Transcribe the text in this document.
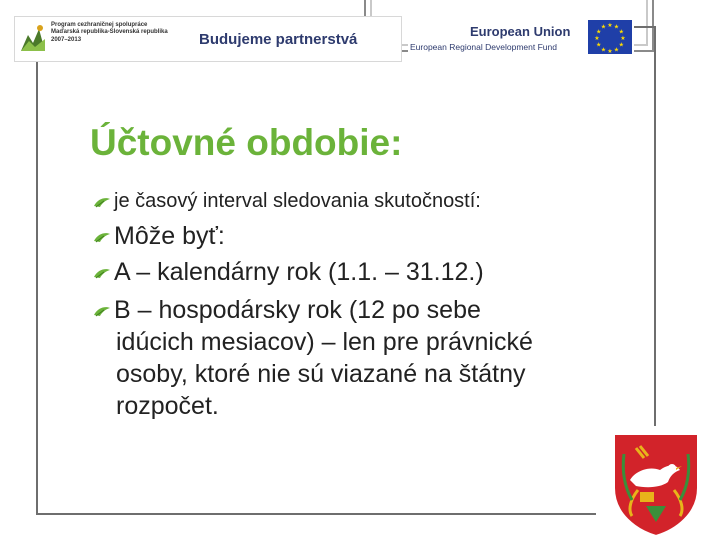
Program cezhraničnej spolupráce
Maďarská republika-Slovenská republika
2007–2013	Budujeme partnerstvá	European Union
European Regional Development Fund
★ ★
★
★
★
★
★
★
★
★
★
★
Účtovné obdobie:
je časový interval sledovania skutočností:
Môže byť:
A – kalendárny rok (1.1. – 31.12.)
B – hospodársky rok (12 po sebe
idúcich mesiacov) – len pre právnické
osoby, ktoré nie sú viazané na štátny
rozpočet.
